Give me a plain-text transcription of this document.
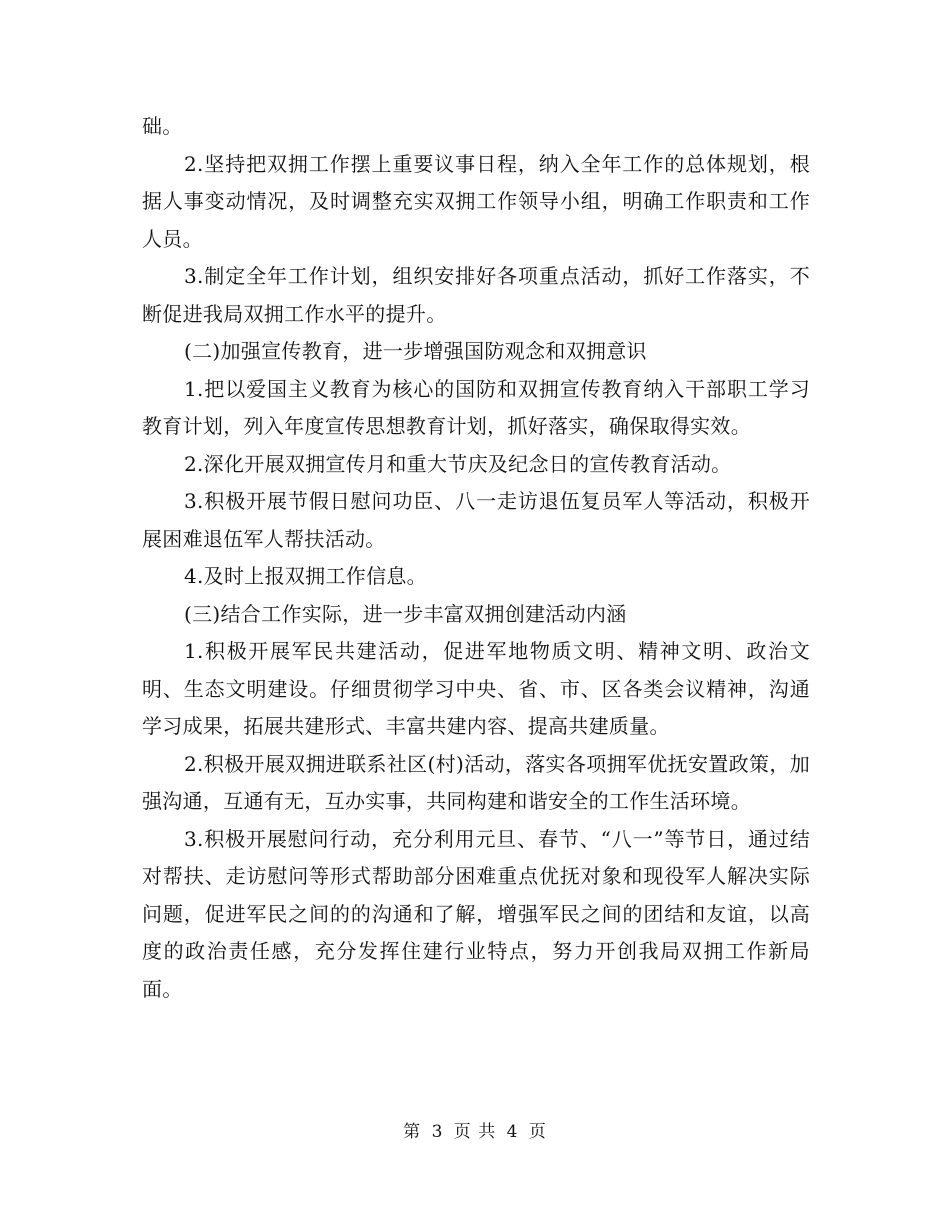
础。

2.坚持把双拥工作摆上重要议事日程，纳入全年工作的总体规划，根据人事变动情况，及时调整充实双拥工作领导小组，明确工作职责和工作人员。

3.制定全年工作计划，组织安排好各项重点活动，抓好工作落实，不断促进我局双拥工作水平的提升。

(二)加强宣传教育，进一步增强国防观念和双拥意识

1.把以爱国主义教育为核心的国防和双拥宣传教育纳入干部职工学习教育计划，列入年度宣传思想教育计划，抓好落实，确保取得实效。

2.深化开展双拥宣传月和重大节庆及纪念日的宣传教育活动。

3.积极开展节假日慰问功臣、八一走访退伍复员军人等活动，积极开展困难退伍军人帮扶活动。

4.及时上报双拥工作信息。

(三)结合工作实际，进一步丰富双拥创建活动内涵

1.积极开展军民共建活动，促进军地物质文明、精神文明、政治文明、生态文明建设。仔细贯彻学习中央、省、市、区各类会议精神，沟通学习成果，拓展共建形式、丰富共建内容、提高共建质量。

2.积极开展双拥进联系社区(村)活动，落实各项拥军优抚安置政策，加强沟通，互通有无，互办实事，共同构建和谐安全的工作生活环境。

3.积极开展慰问行动，充分利用元旦、春节、“八一”等节日，通过结对帮扶、走访慰问等形式帮助部分困难重点优抚对象和现役军人解决实际问题，促进军民之间的的沟通和了解，增强军民之间的团结和友谊，以高度的政治责任感，充分发挥住建行业特点，努力开创我局双拥工作新局面。

第 3 页 共 4 页
